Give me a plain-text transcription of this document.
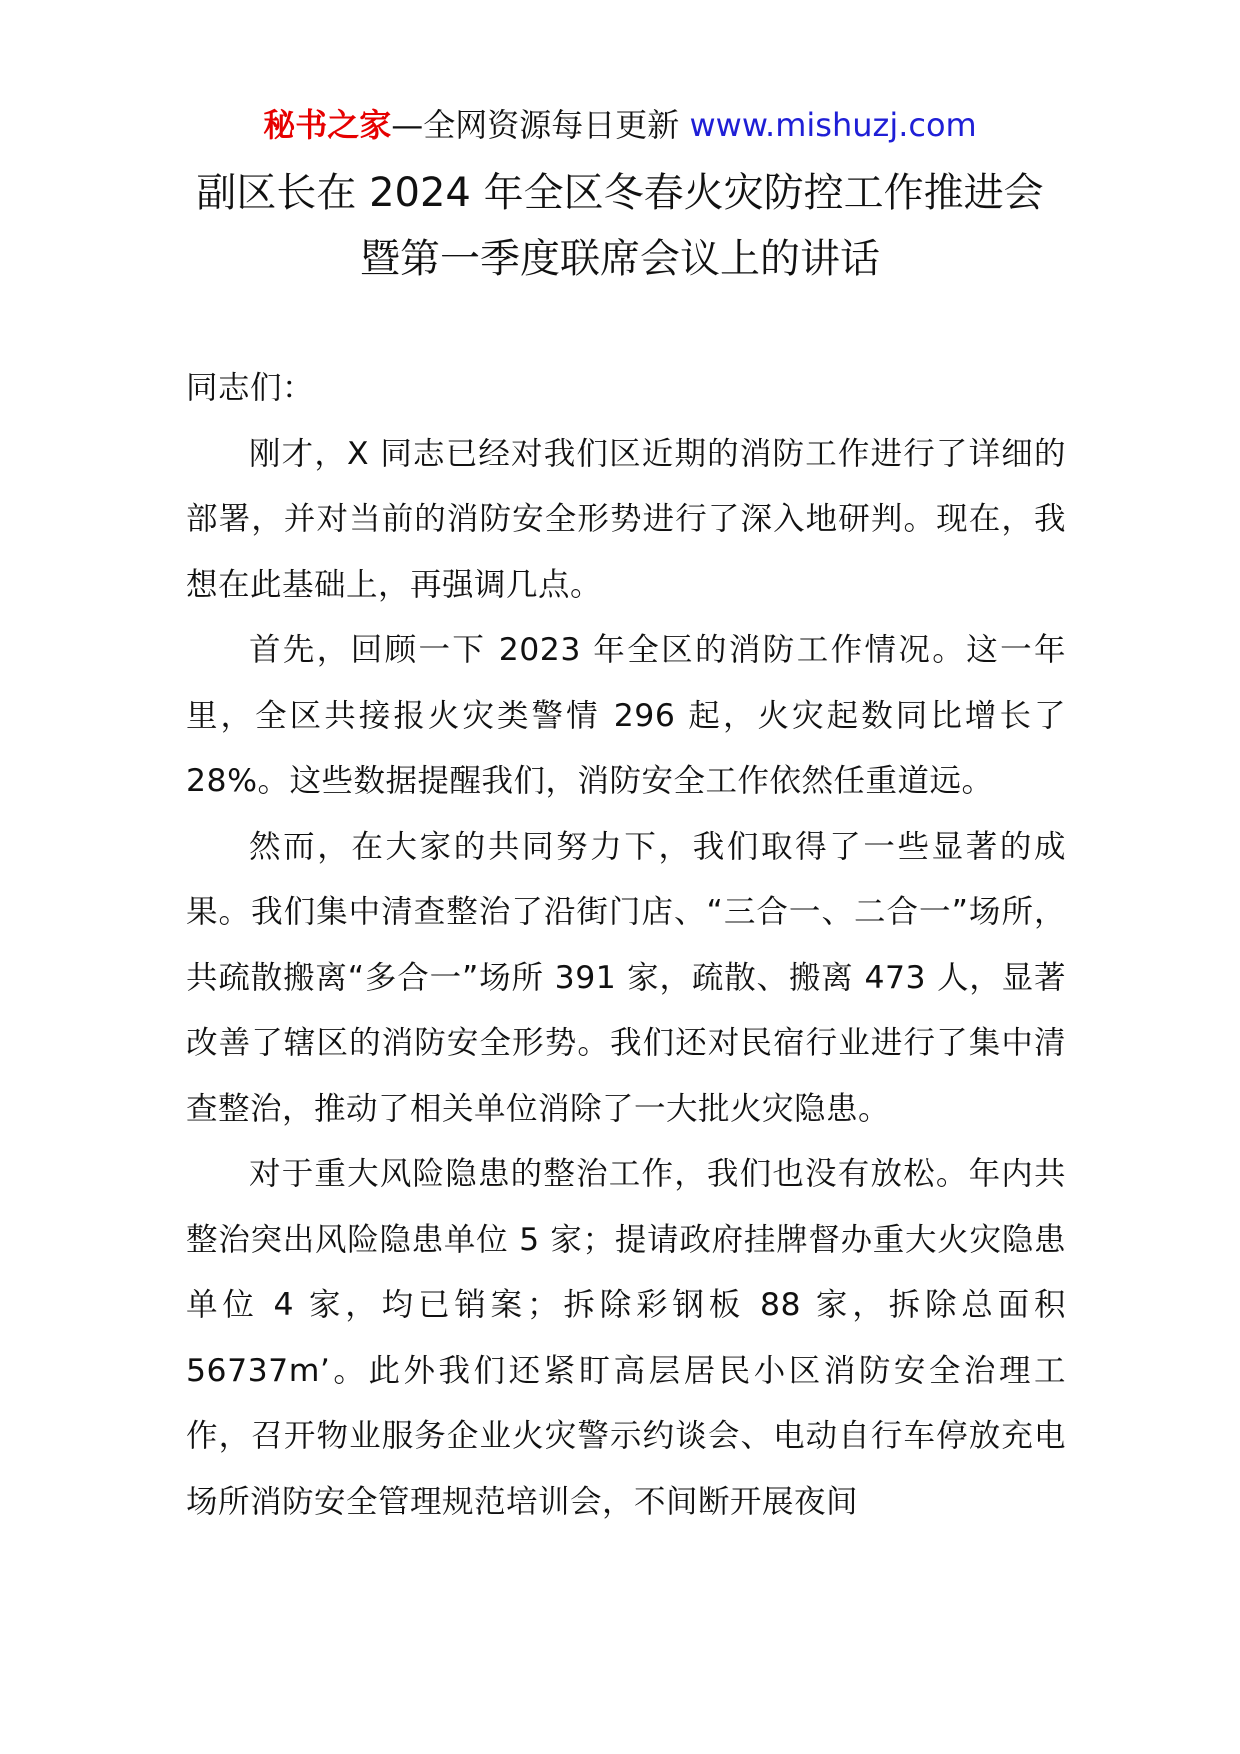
秘书之家—全网资源每日更新 www.mishuzj.com
副区长在 2024 年全区冬春火灾防控工作推进会
暨第一季度联席会议上的讲话

同志们：

刚才，X 同志已经对我们区近期的消防工作进行了详细的部署，并对当前的消防安全形势进行了深入地研判。现在，我想在此基础上，再强调几点。

首先，回顾一下 2023 年全区的消防工作情况。这一年里，全区共接报火灾类警情 296 起，火灾起数同比增长了 28%。这些数据提醒我们，消防安全工作依然任重道远。

然而，在大家的共同努力下，我们取得了一些显著的成果。我们集中清查整治了沿街门店、“三合一、二合一”场所，共疏散搬离“多合一”场所 391 家，疏散、搬离 473 人，显著改善了辖区的消防安全形势。我们还对民宿行业进行了集中清查整治，推动了相关单位消除了一大批火灾隐患。

对于重大风险隐患的整治工作，我们也没有放松。年内共整治突出风险隐患单位 5 家；提请政府挂牌督办重大火灾隐患单位 4 家，均已销案；拆除彩钢板 88 家，拆除总面积 56737m’。此外我们还紧盯高层居民小区消防安全治理工作，召开物业服务企业火灾警示约谈会、电动自行车停放充电场所消防安全管理规范培训会，不间断开展夜间
